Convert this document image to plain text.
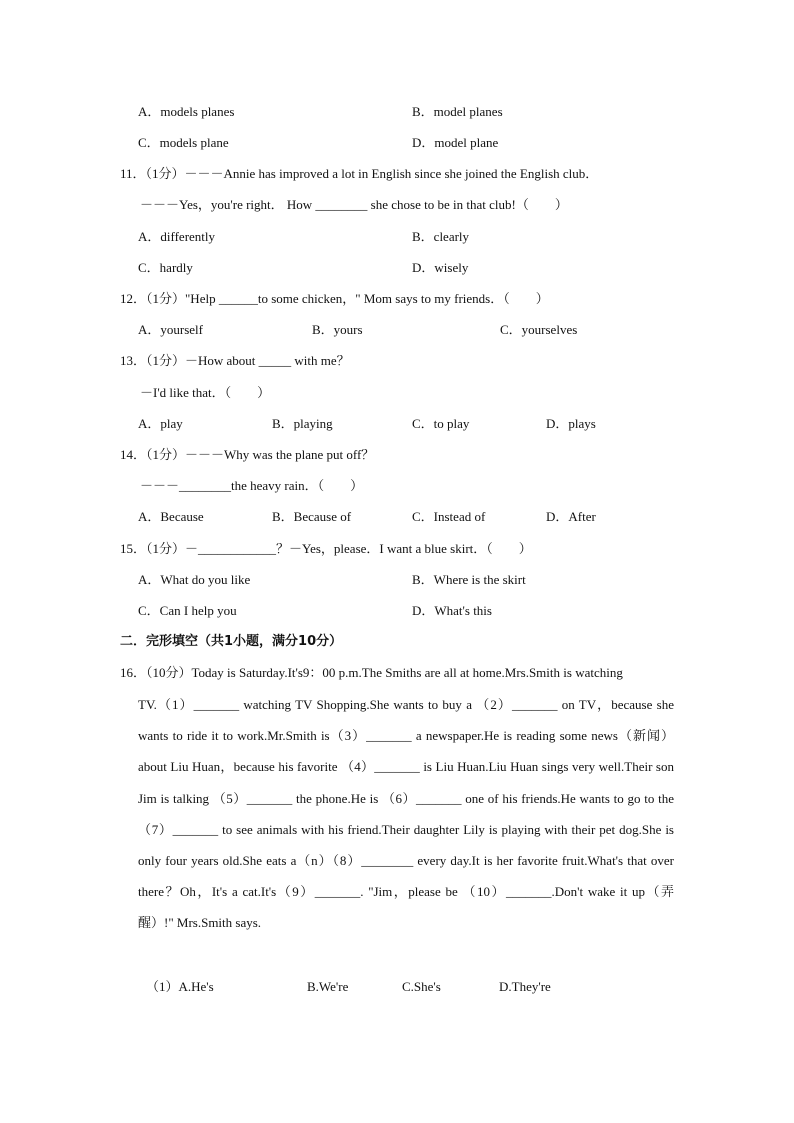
A．models planes	B．model planes
C．models plane	D．model plane
11．（1分）－－－Annie has improved a lot in English since she joined the English club．
－－－Yes，you're right． How ________ she chose to be in that club!（　　）
A．differently	B．clearly
C．hardly	D．wisely
12．（1分）"Help ______to some chicken，" Mom says to my friends．（　　）
A．yourself	B．yours	C．yourselves
13．（1分）－How about _____ with me？
－I'd like that．（　　）
A．play	B．playing	C．to play	D．plays
14．（1分）－－－Why was the plane put off？
－－－________the heavy rain．（　　）
A．Because	B．Because of	C．Instead of	D．After
15．（1分）－____________？－Yes，please．I want a blue skirt．（　　）
A．What do you like	B．Where is the skirt
C．Can I help you	D．What's this
二．完形填空（共1小题，满分10分）
16．（10分）Today is Saturday.It's9：00 p.m.The Smiths are all at home.Mrs.Smith is watching
TV.（1）_______ watching TV Shopping.She wants to buy a （2）_______ on TV，because she wants to ride it to work.Mr.Smith is（3）_______ a newspaper.He is reading some news（新闻） about Liu Huan，because his favorite （4）_______ is Liu Huan.Liu Huan sings very well.Their son Jim is talking （5）_______ the phone.He is （6）_______ one of his friends.He wants to go to the （7）_______ to see animals with his friend.Their daughter Lily is playing with their pet dog.She is only four years old.She eats a（n）（8）________ every day.It is her favorite fruit.What's that over there？Oh，It's a cat.It's（9）_______. "Jim，please be （10）_______.Don't wake it up（弄醒）!" Mrs.Smith says.
（1）A.He's	B.We're	C.She's	D.They're
